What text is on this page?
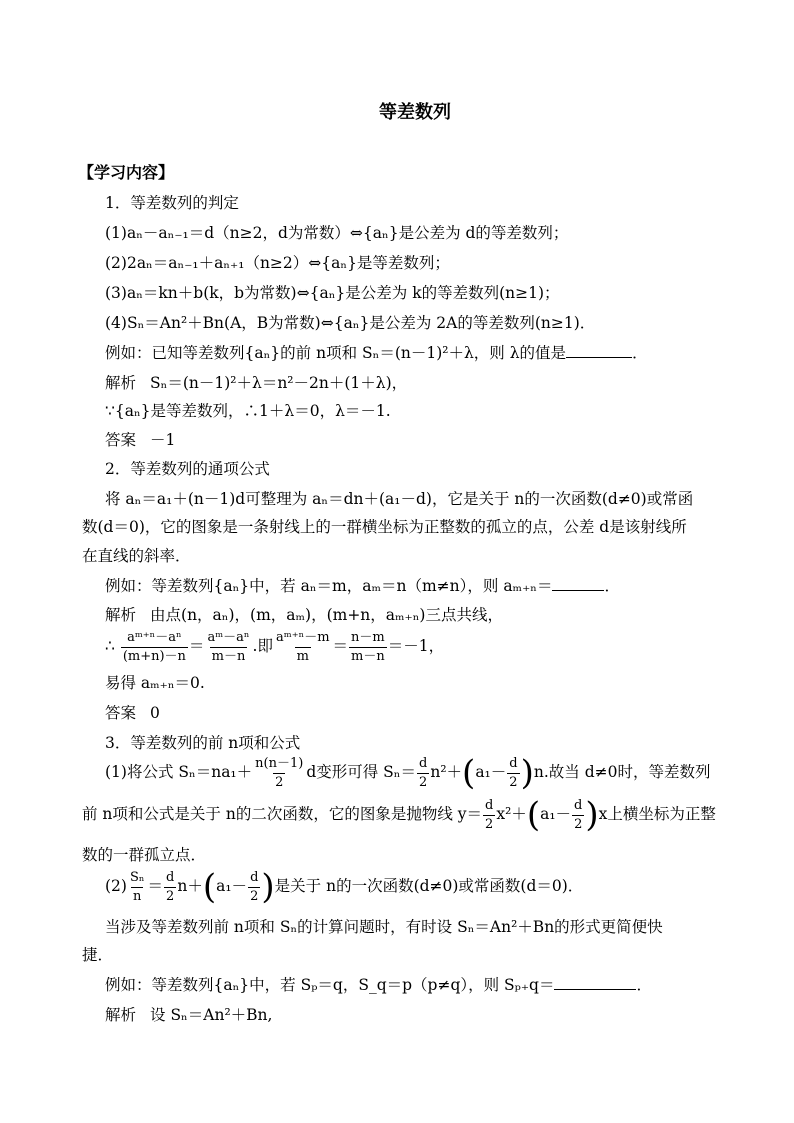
等差数列
【学习内容】
1．等差数列的判定
(1)aₙ－aₙ₋₁＝d（n≥2，d为常数）⇔{aₙ}是公差为 d的等差数列；
(2)2aₙ＝aₙ₋₁＋aₙ₊₁（n≥2）⇔{aₙ}是等差数列；
(3)aₙ＝kn＋b(k，b为常数)⇔{aₙ}是公差为 k的等差数列(n≥1)；
(4)Sₙ＝An²＋Bn(A，B为常数)⇔{aₙ}是公差为 2A的等差数列(n≥1)．
例如：已知等差数列{aₙ}的前 n项和 Sₙ＝(n－1)²＋λ，则 λ的值是	．
解析 Sₙ＝(n－1)²＋λ＝n²－2n＋(1＋λ)，
∵{aₙ}是等差数列，∴1＋λ＝0，λ＝－1.
答案 －1
2．等差数列的通项公式
将 aₙ＝a₁＋(n－1)d可整理为 aₙ＝dn＋(a₁－d)，它是关于 n的一次函数(d≠0)或常函
数(d＝0)，它的图象是一条射线上的一群横坐标为正整数的孤立的点，公差 d是该射线所
在直线的斜率．
例如：等差数列{aₙ}中，若 aₙ＝m，aₘ＝n（m≠n），则 aₘ₊ₙ＝	．
解析 由点(n，aₙ)，(m，aₘ)，(m+n，aₘ₊ₙ)三点共线，
∴ $\frac{\text{aᵐ⁺ⁿ－aⁿ}}{(m+n)-n} = \frac{\text{aᵐ－aⁿ}}{m-n}$ .即 $\frac{\text{aᵐ⁺ⁿ－m}}{m} = \frac{n-m}{m-n} =-1$，
易得 aₘ₊ₙ＝0.
答案 0
3．等差数列的前 n项和公式
(1)将公式 $S_n=na_1+ \frac{n(n-1)}{2}$ d变形可得 $S_n= \frac{d}{2} n^2+(a_1- \frac{d}{2} )n$.故当 d≠0时，等差数列
前 n项和公式是关于 n的二次函数，它的图象是抛物线 $y= \frac{d}{2} x^2+(a_1- \frac{d}{2} )x$上横坐标为正整
数的一群孤立点．
$(2) \frac{\text{Sₙ}}{n} = \frac{d}{2} n+(a_1- \frac{d}{2}$ )是关于 n的一次函数(d≠0)或常函数(d＝0)．
当涉及等差数列前 n项和 Sₙ的计算问题时，有时设 Sₙ＝An²＋Bn的形式更简便快
捷．
例如：等差数列{aₙ}中，若 Sₚ＝q，S_q＝p（p≠q），则 Sₚ₊q＝	．
解析 设 Sₙ＝An²＋Bn,
